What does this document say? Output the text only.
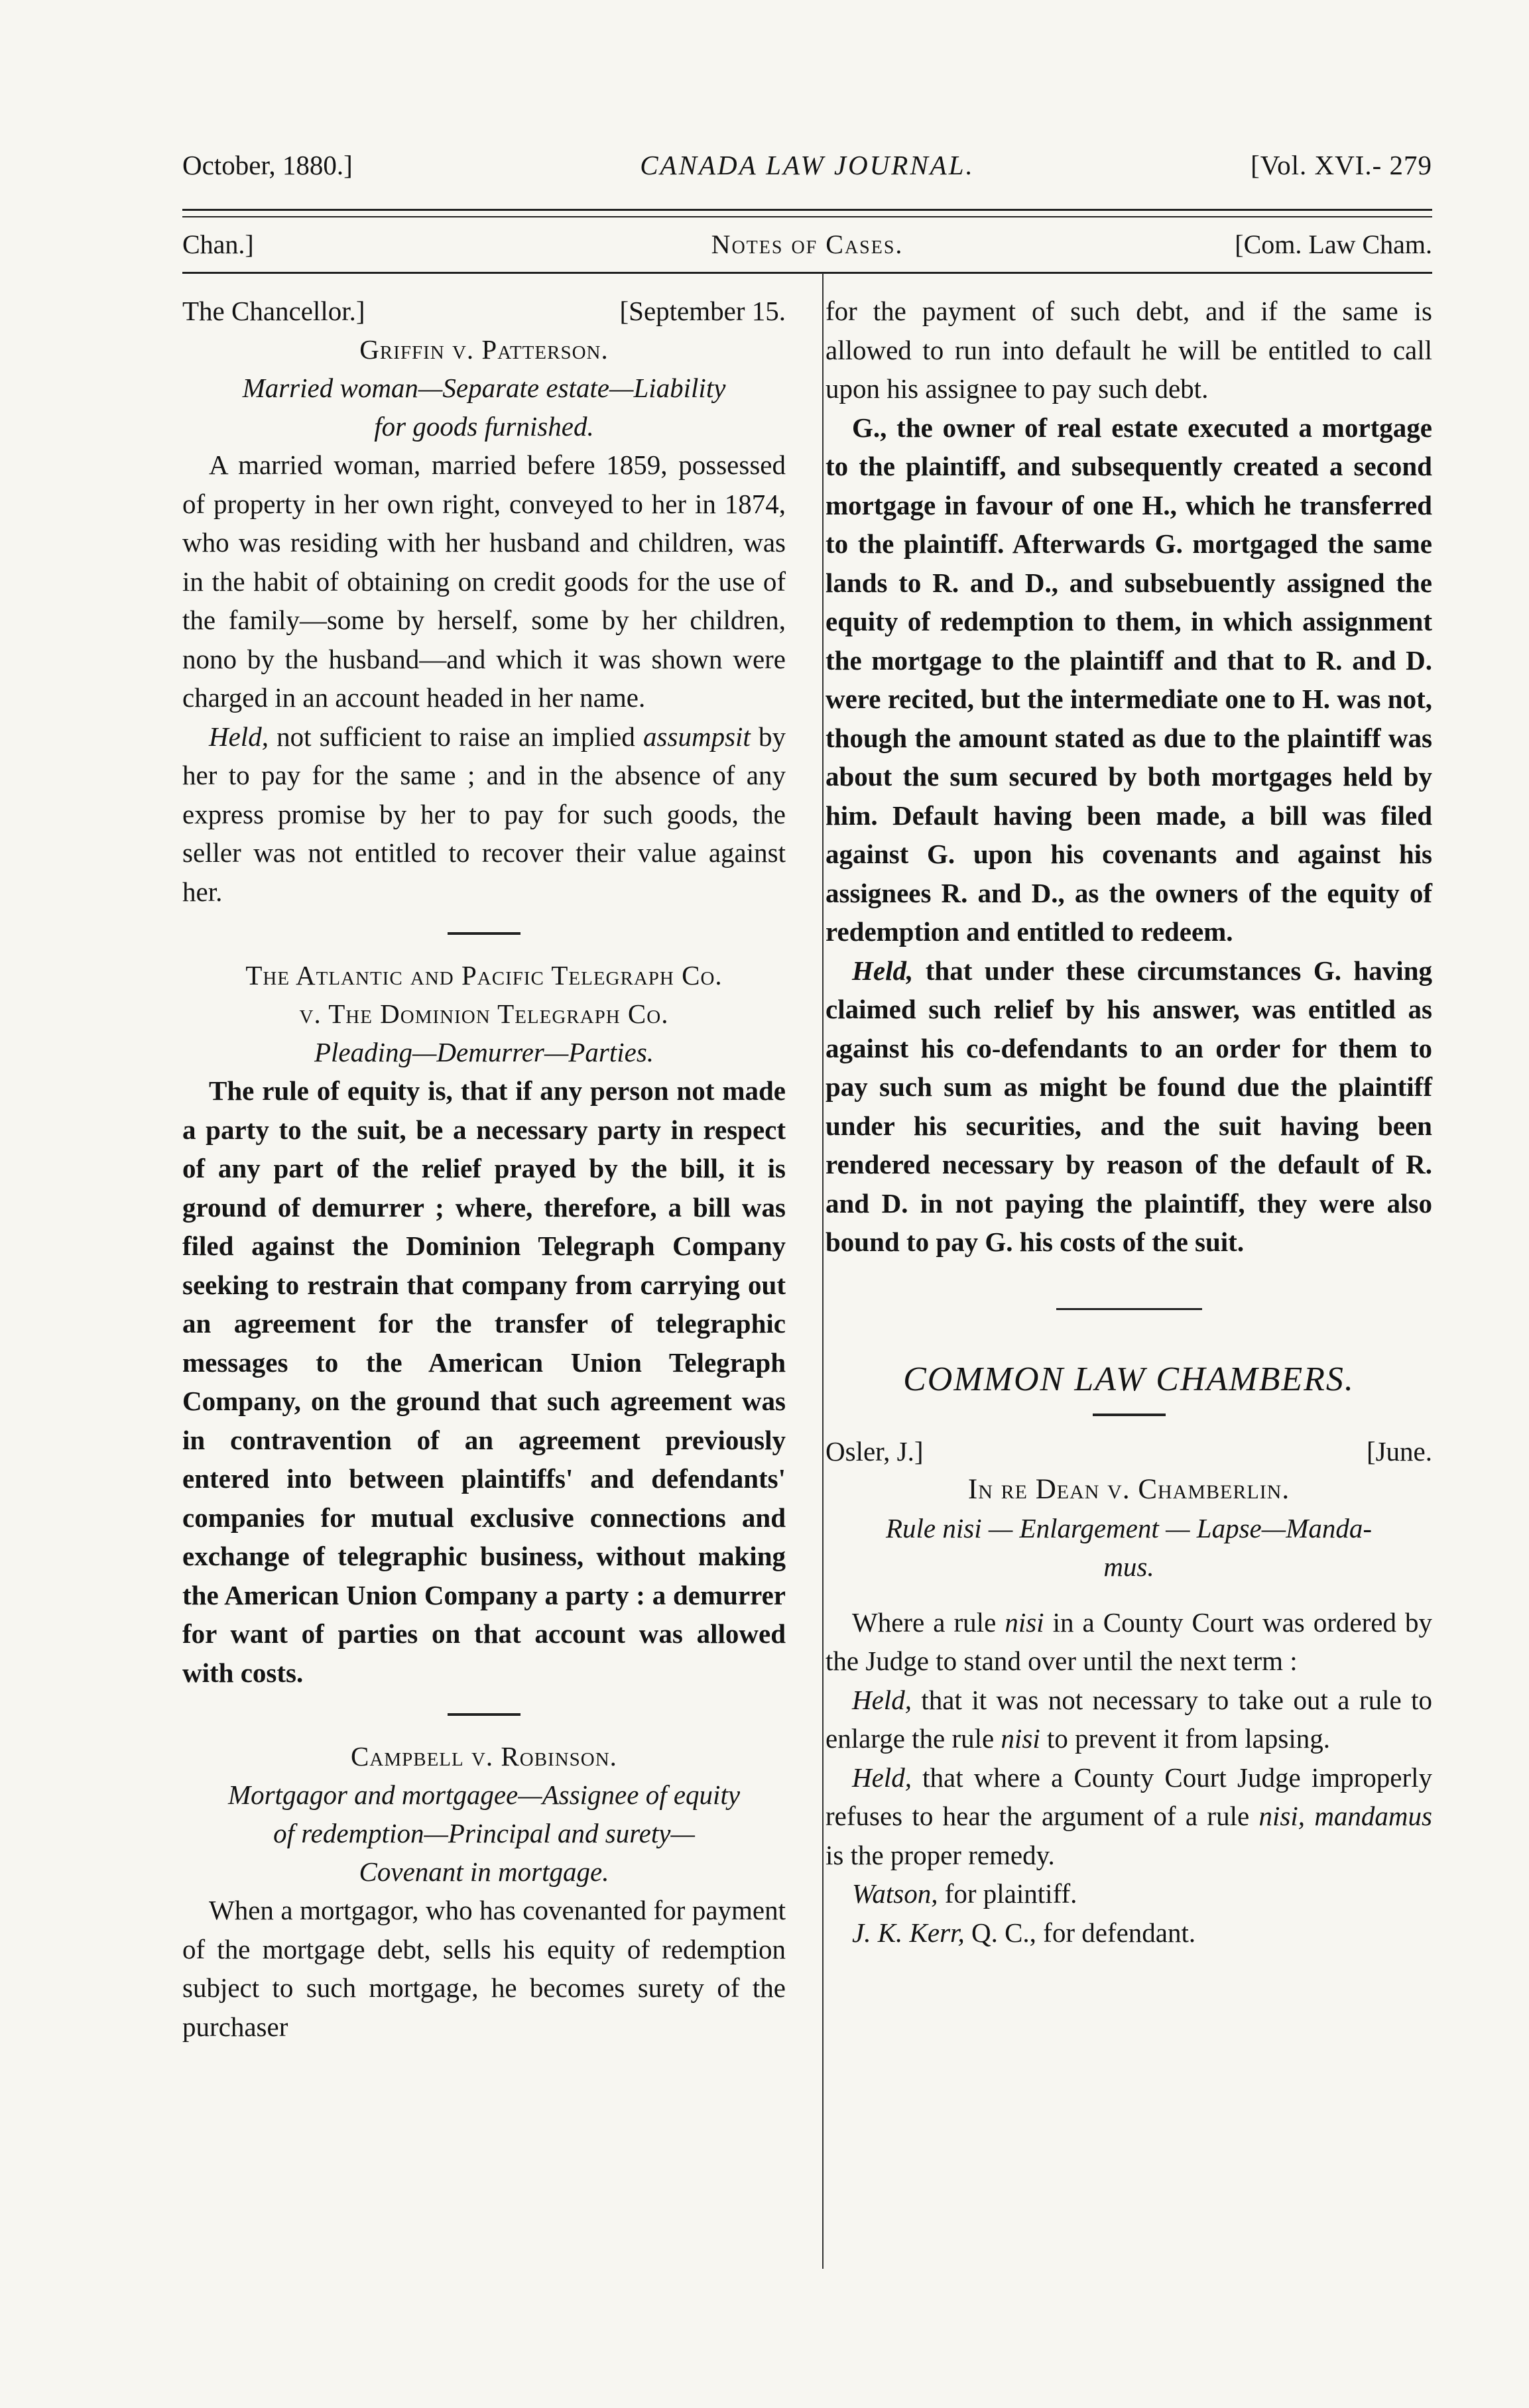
October, 1880.]	CANADA LAW JOURNAL.	[Vol. XVI.- 279
Chan.]	Notes of Cases.	[Com. Law Cham.
The Chancellor.]	[September 15.
Griffin v. Patterson.
Married woman—Separate estate—Liability
for goods furnished.

A married woman, married befere 1859, possessed of property in her own right, conveyed to her in 1874, who was residing with her husband and children, was in the habit of obtaining on credit goods for the use of the family—some by herself, some by her children, nono by the husband—and which it was shown were charged in an account headed in her name.

Held, not sufficient to raise an implied assumpsit by her to pay for the same ; and in the absence of any express promise by her to pay for such goods, the seller was not entitled to recover their value against her.

The Atlantic and Pacific Telegraph Co.
v. The Dominion Telegraph Co.
Pleading—Demurrer—Parties.

The rule of equity is, that if any person not made a party to the suit, be a necessary party in respect of any part of the relief prayed by the bill, it is ground of demurrer ; where, therefore, a bill was filed against the Dominion Telegraph Company seeking to restrain that company from carrying out an agreement for the transfer of telegraphic messages to the American Union Telegraph Company, on the ground that such agreement was in contravention of an agreement previously entered into between plaintiffs' and defendants' companies for mutual exclusive connections and exchange of telegraphic business, without making the American Union Company a party : a demurrer for want of parties on that account was allowed with costs.

Campbell v. Robinson.
Mortgagor and mortgagee—Assignee of equity
of redemption—Principal and surety—
Covenant in mortgage.

When a mortgagor, who has covenanted for payment of the mortgage debt, sells his equity of redemption subject to such mortgage, he becomes surety of the purchaser

for the payment of such debt, and if the same is allowed to run into default he will be entitled to call upon his assignee to pay such debt.

G., the owner of real estate executed a mortgage to the plaintiff, and subsequently created a second mortgage in favour of one H., which he transferred to the plaintiff. Afterwards G. mortgaged the same lands to R. and D., and subsebuently assigned the equity of redemption to them, in which assignment the mortgage to the plaintiff and that to R. and D. were recited, but the intermediate one to H. was not, though the amount stated as due to the plaintiff was about the sum secured by both mortgages held by him. Default having been made, a bill was filed against G. upon his covenants and against his assignees R. and D., as the owners of the equity of redemption and entitled to redeem.

Held, that under these circumstances G. having claimed such relief by his answer, was entitled as against his co-defendants to an order for them to pay such sum as might be found due the plaintiff under his securities, and the suit having been rendered necessary by reason of the default of R. and D. in not paying the plaintiff, they were also bound to pay G. his costs of the suit.

COMMON LAW CHAMBERS.
Osler, J.]	[June.
In re Dean v. Chamberlin.
Rule nisi — Enlargement — Lapse—Manda-
mus.

Where a rule nisi in a County Court was ordered by the Judge to stand over until the next term :

Held, that it was not necessary to take out a rule to enlarge the rule nisi to prevent it from lapsing.

Held, that where a County Court Judge improperly refuses to hear the argument of a rule nisi, mandamus is the proper remedy.

Watson, for plaintiff.

J. K. Kerr, Q. C., for defendant.
